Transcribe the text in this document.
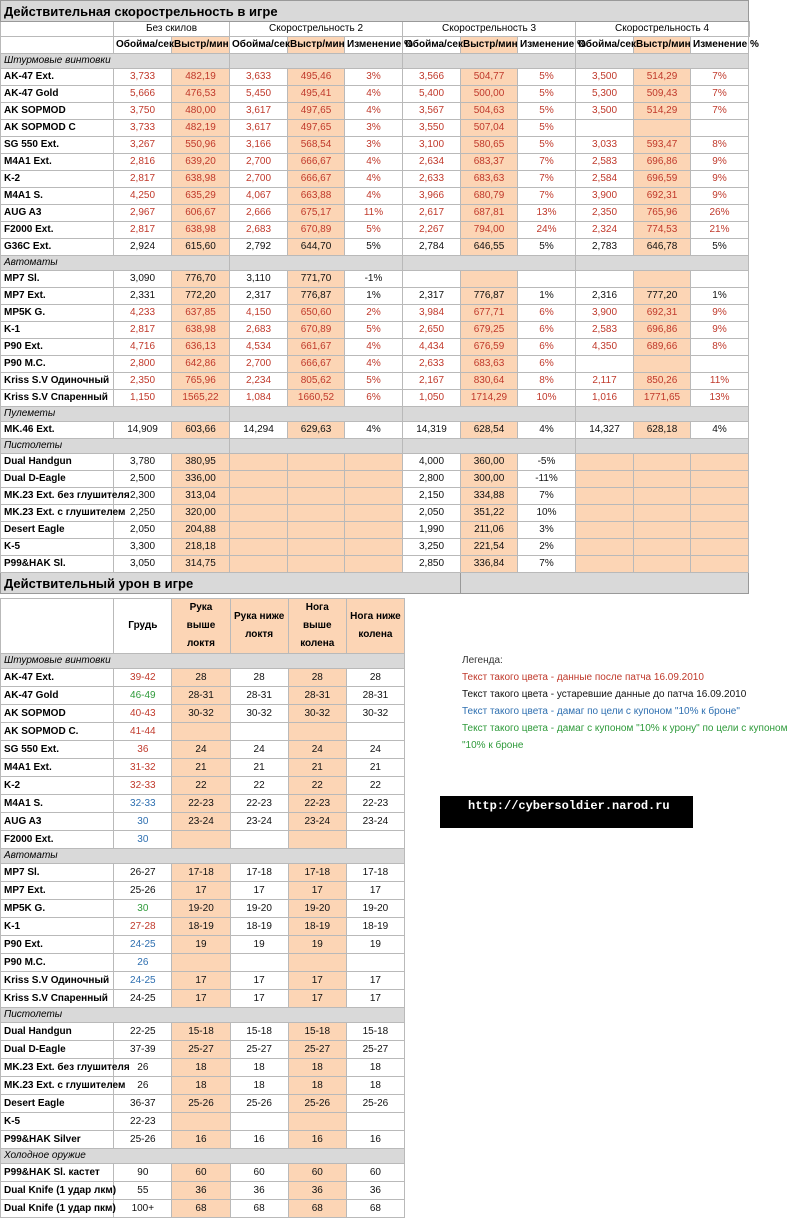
Действительная скорострельность в игре												
	Без скилов		Скорострельность 2			Скорострельность 3			Скорострельность 4			
	Обойма/сек	Выстр/мин	Обойма/сек	Выстр/мин	Изменение %	Обойма/сек	Выстр/мин	Изменение %	Обойма/сек	Выстр/мин	Изменение %	
Штурмовые винтовки												
AK-47 Ext.	3,733	482,19	3,633	495,46	3%	3,566	504,77	5%	3,500	514,29	7%	
AK-47 Gold	5,666	476,53	5,450	495,41	4%	5,400	500,00	5%	5,300	509,43	7%	
AK SOPMOD	3,750	480,00	3,617	497,65	4%	3,567	504,63	5%	3,500	514,29	7%	
AK SOPMOD C	3,733	482,19	3,617	497,65	3%	3,550	507,04	5%				
SG 550 Ext.	3,267	550,96	3,166	568,54	3%	3,100	580,65	5%	3,033	593,47	8%	
M4A1 Ext.	2,816	639,20	2,700	666,67	4%	2,634	683,37	7%	2,583	696,86	9%	
K-2	2,817	638,98	2,700	666,67	4%	2,633	683,63	7%	2,584	696,59	9%	
M4A1 S.	4,250	635,29	4,067	663,88	4%	3,966	680,79	7%	3,900	692,31	9%	
AUG A3	2,967	606,67	2,666	675,17	11%	2,617	687,81	13%	2,350	765,96	26%	
F2000 Ext.	2,817	638,98	2,683	670,89	5%	2,267	794,00	24%	2,324	774,53	21%	
G36C Ext.	2,924	615,60	2,792	644,70	5%	2,784	646,55	5%	2,783	646,78	5%	
Автоматы												
MP7 Sl.	3,090	776,70	3,110	771,70	-1%							
MP7 Ext.	2,331	772,20	2,317	776,87	1%	2,317	776,87	1%	2,316	777,20	1%	
MP5K G.	4,233	637,85	4,150	650,60	2%	3,984	677,71	6%	3,900	692,31	9%	
K-1	2,817	638,98	2,683	670,89	5%	2,650	679,25	6%	2,583	696,86	9%	
P90 Ext.	4,716	636,13	4,534	661,67	4%	4,434	676,59	6%	4,350	689,66	8%	
P90 M.C.	2,800	642,86	2,700	666,67	4%	2,633	683,63	6%				
Kriss S.V Одиночный	2,350	765,96	2,234	805,62	5%	2,167	830,64	8%	2,117	850,26	11%	
Kriss S.V Спаренный	1,150	1565,22	1,084	1660,52	6%	1,050	1714,29	10%	1,016	1771,65	13%	
Пулеметы												
MK.46 Ext.	14,909	603,66	14,294	629,63	4%	14,319	628,54	4%	14,327	628,18	4%	
Пистолеты												
Dual Handgun	3,780	380,95				4,000	360,00	-5%				
Dual D-Eagle	2,500	336,00				2,800	300,00	-11%				
MK.23 Ext. без глушителя	2,300	313,04				2,150	334,88	7%				
MK.23 Ext. с глушителем	2,250	320,00				2,050	351,22	10%				
Desert Eagle	2,050	204,88				1,990	211,06	3%				
K-5	3,300	218,18				3,250	221,54	2%				
P99&HAK Sl.	3,050	314,75				2,850	336,84	7%				
Действительный урон в игре												
	Грудь	Рука выше локтя	Рука ниже локтя	Нога выше колена	Нога ниже колена
Штурмовые винтовки					
AK-47 Ext.	39-42	28	28	28	28
AK-47 Gold	46-49	28-31	28-31	28-31	28-31
AK SOPMOD	40-43	30-32	30-32	30-32	30-32
AK SOPMOD C.	41-44				
SG 550 Ext.	36	24	24	24	24
M4A1 Ext.	31-32	21	21	21	21
K-2	32-33	22	22	22	22
M4A1 S.	32-33	22-23	22-23	22-23	22-23
AUG A3	30	23-24	23-24	23-24	23-24
F2000 Ext.	30				
Автоматы					
MP7 Sl.	26-27	17-18	17-18	17-18	17-18
MP7 Ext.	25-26	17	17	17	17
MP5K G.	30	19-20	19-20	19-20	19-20
K-1	27-28	18-19	18-19	18-19	18-19
P90 Ext.	24-25	19	19	19	19
P90 M.C.	26				
Kriss S.V Одиночный	24-25	17	17	17	17
Kriss S.V Спаренный	24-25	17	17	17	17
Пистолеты					
Dual Handgun	22-25	15-18	15-18	15-18	15-18
Dual D-Eagle	37-39	25-27	25-27	25-27	25-27
MK.23 Ext. без глушителя	26	18	18	18	18
MK.23 Ext. с глушителем	26	18	18	18	18
Desert Eagle	36-37	25-26	25-26	25-26	25-26
K-5	22-23				
P99&HAK Silver	25-26	16	16	16	16
Холодное оружие					
P99&HAK Sl. кастет	90	60	60	60	60
Dual Knife (1 удар лкм)	55	36	36	36	36
Dual Knife (1 удар пкм)	100+	68	68	68	68
Легенда:
Текст такого цвета - данные после патча 16.09.2010
Текст такого цвета - устаревшие данные до патча 16.09.2010
Текст такого цвета - дамаг по цели с купоном "10% к броне"
Текст такого цвета - дамаг с купоном "10% к урону" по цели с купоном
"10% к броне
http://cybersoldier.narod.ru
